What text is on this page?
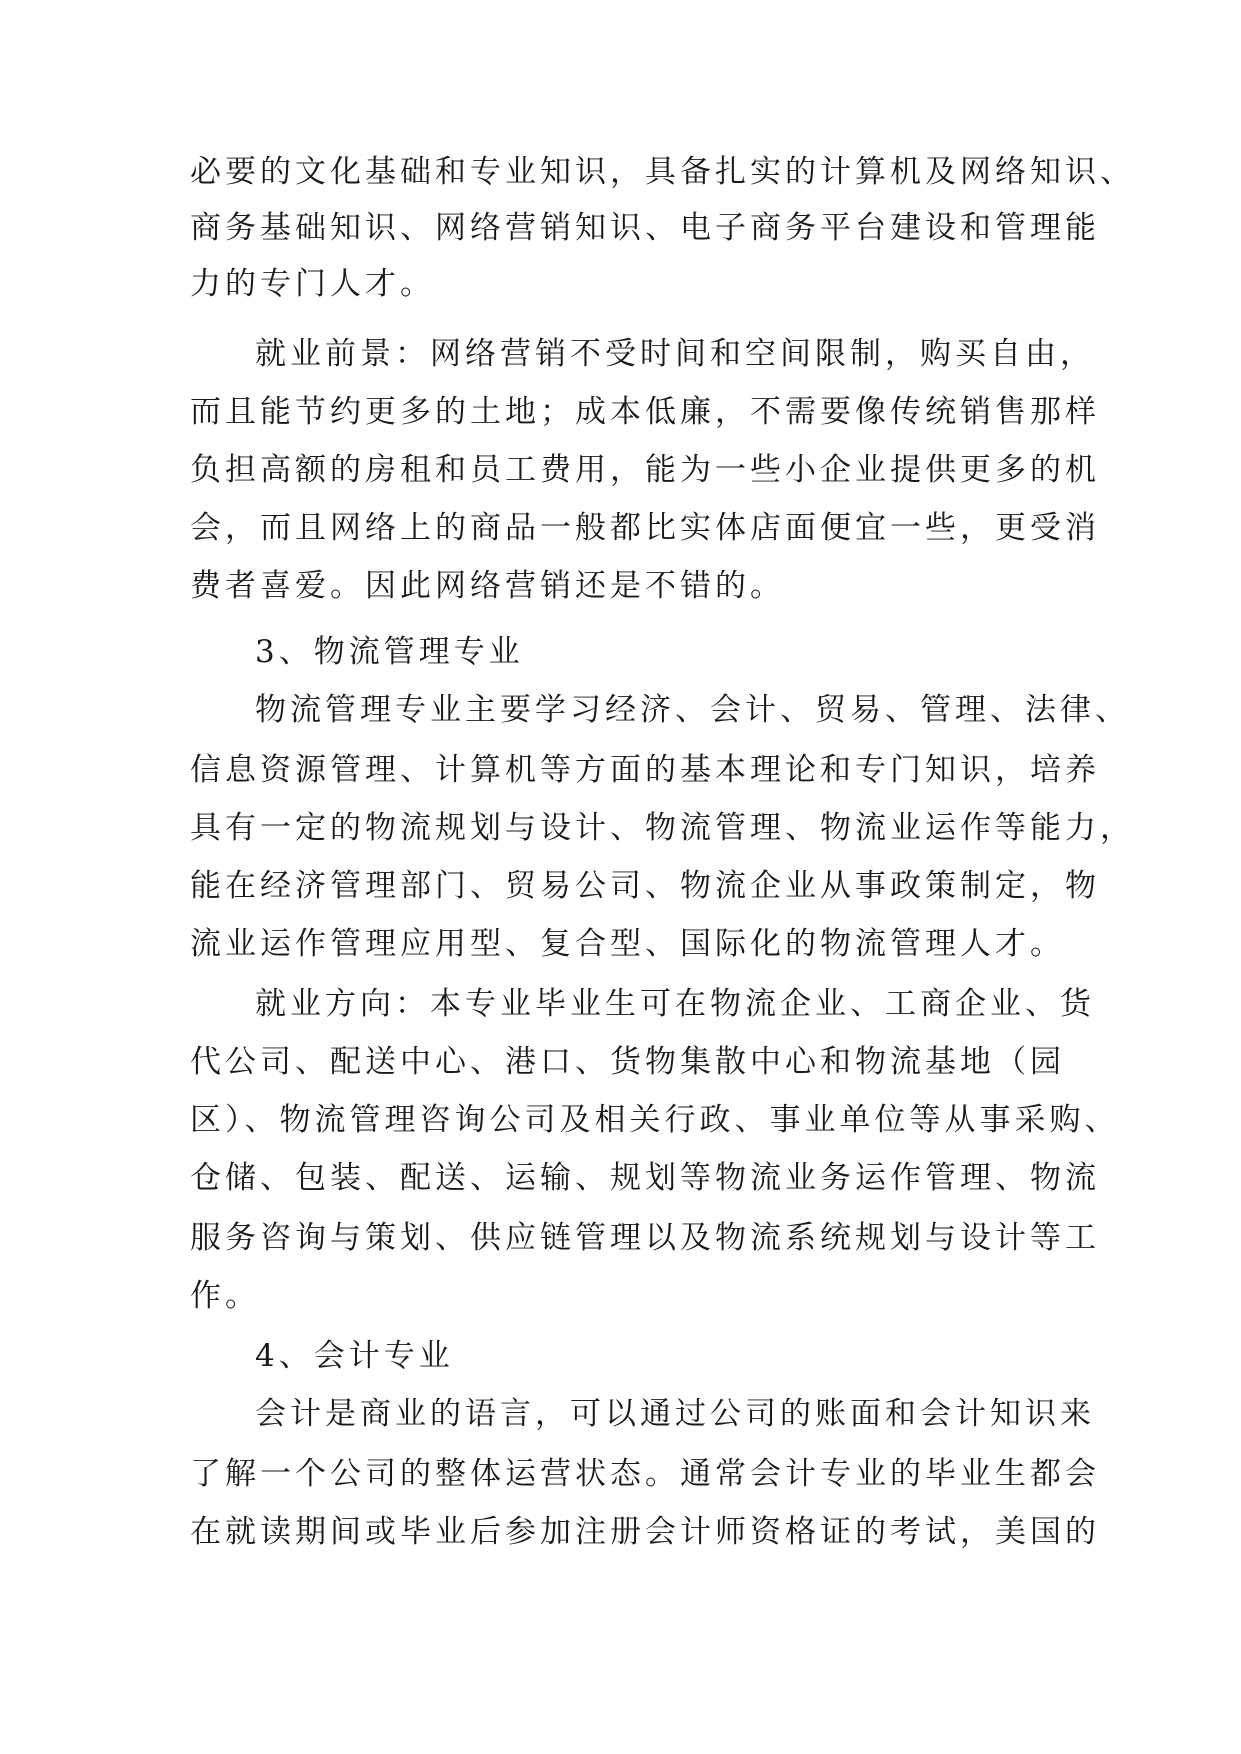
必要的文化基础和专业知识，具备扎实的计算机及网络知识、
商务基础知识、网络营销知识、电子商务平台建设和管理能
力的专门人才。
就业前景：网络营销不受时间和空间限制，购买自由，
而且能节约更多的土地；成本低廉，不需要像传统销售那样
负担高额的房租和员工费用，能为一些小企业提供更多的机
会，而且网络上的商品一般都比实体店面便宜一些，更受消
费者喜爱。因此网络营销还是不错的。
3、物流管理专业
物流管理专业主要学习经济、会计、贸易、管理、法律、
信息资源管理、计算机等方面的基本理论和专门知识，培养
具有一定的物流规划与设计、物流管理、物流业运作等能力，
能在经济管理部门、贸易公司、物流企业从事政策制定，物
流业运作管理应用型、复合型、国际化的物流管理人才。
就业方向：本专业毕业生可在物流企业、工商企业、货
代公司、配送中心、港口、货物集散中心和物流基地（园
区）、物流管理咨询公司及相关行政、事业单位等从事采购、
仓储、包装、配送、运输、规划等物流业务运作管理、物流
服务咨询与策划、供应链管理以及物流系统规划与设计等工
作。
4、会计专业
会计是商业的语言，可以通过公司的账面和会计知识来
了解一个公司的整体运营状态。通常会计专业的毕业生都会
在就读期间或毕业后参加注册会计师资格证的考试，美国的
